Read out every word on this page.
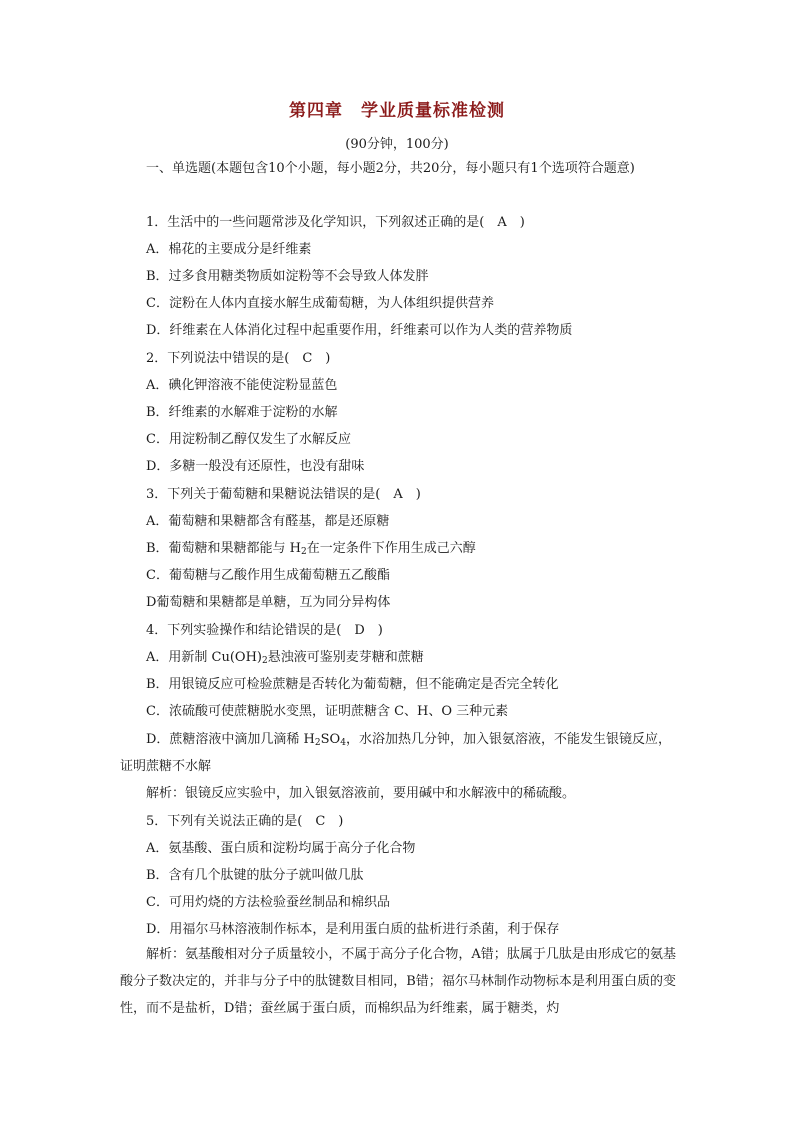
第四章　学业质量标准检测
(90分钟，100分)
一、单选题(本题包含10个小题，每小题2分，共20分，每小题只有1个选项符合题意)
1．生活中的一些问题常涉及化学知识，下列叙述正确的是(　A　)
A．棉花的主要成分是纤维素
B．过多食用糖类物质如淀粉等不会导致人体发胖
C．淀粉在人体内直接水解生成葡萄糖，为人体组织提供营养
D．纤维素在人体消化过程中起重要作用，纤维素可以作为人类的营养物质
2．下列说法中错误的是(　C　)
A．碘化钾溶液不能使淀粉显蓝色
B．纤维素的水解难于淀粉的水解
C．用淀粉制乙醇仅发生了水解反应
D．多糖一般没有还原性，也没有甜味
3．下列关于葡萄糖和果糖说法错误的是(　A　)
A．葡萄糖和果糖都含有醛基，都是还原糖
B．葡萄糖和果糖都能与 $H_2$在一定条件下作用生成己六醇
C．葡萄糖与乙酸作用生成葡萄糖五乙酸酯
D葡萄糖和果糖都是单糖，互为同分异构体
4．下列实验操作和结论错误的是(　D　)
A．用新制 $Cu(OH)_2$悬浊液可鉴别麦芽糖和蔗糖
B．用银镜反应可检验蔗糖是否转化为葡萄糖，但不能确定是否完全转化
C．浓硫酸可使蔗糖脱水变黑，证明蔗糖含 C、H、O 三种元素
D．蔗糖溶液中滴加几滴稀 $H_2SO_4$，水浴加热几分钟，加入银氨溶液，不能发生银镜反应，
证明蔗糖不水解
解析：银镜反应实验中，加入银氨溶液前，要用碱中和水解液中的稀硫酸。
5．下列有关说法正确的是(　C　)
A．氨基酸、蛋白质和淀粉均属于高分子化合物
B．含有几个肽键的肽分子就叫做几肽
C．可用灼烧的方法检验蚕丝制品和棉织品
D．用福尔马林溶液制作标本，是利用蛋白质的盐析进行杀菌，利于保存
解析：氨基酸相对分子质量较小，不属于高分子化合物，A错；肽属于几肽是由形成它的氨基酸分子数决定的，并非与分子中的肽键数目相同，B错；福尔马林制作动物标本是利用蛋白质的变性，而不是盐析，D错；蚕丝属于蛋白质，而棉织品为纤维素，属于糖类，灼
